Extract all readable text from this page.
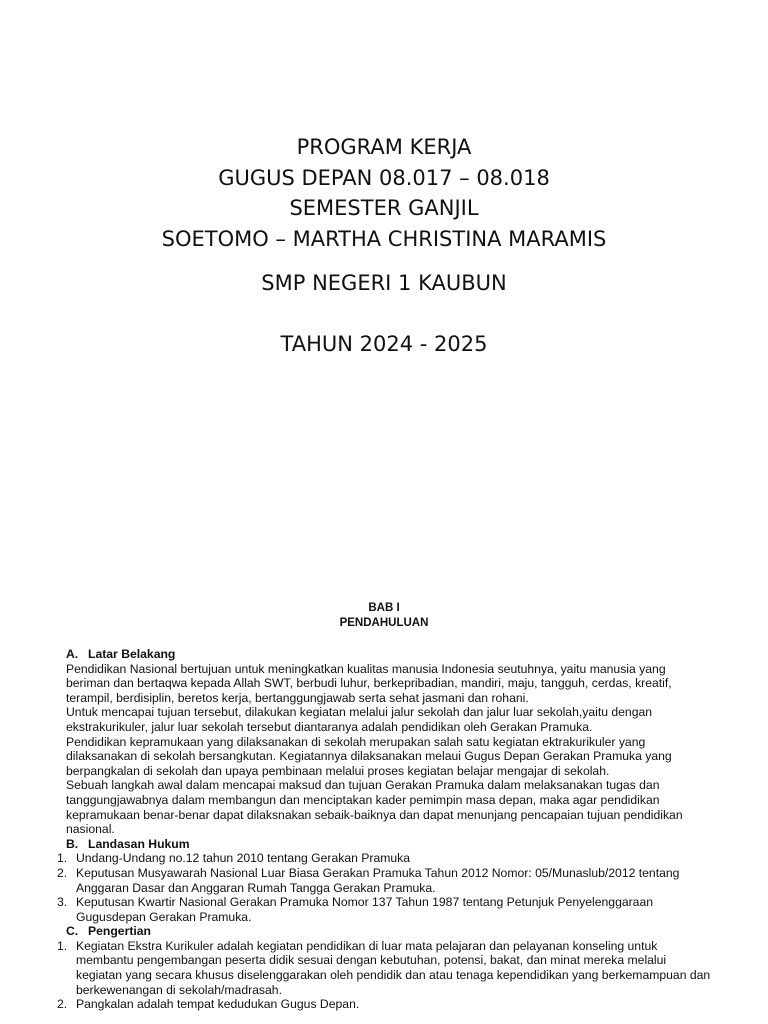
PROGRAM KERJA
GUGUS DEPAN 08.017 – 08.018
SEMESTER GANJIL
SOETOMO – MARTHA CHRISTINA MARAMIS
SMP NEGERI 1 KAUBUN
TAHUN 2024 - 2025
BAB I
PENDAHULUAN
A. Latar Belakang
Pendidikan Nasional bertujuan untuk meningkatkan kualitas manusia Indonesia seutuhnya, yaitu manusia yang beriman dan bertaqwa kepada Allah SWT, berbudi luhur, berkepribadian, mandiri, maju, tangguh, cerdas, kreatif, terampil, berdisiplin, beretos kerja, bertanggungjawab serta sehat jasmani dan rohani.
Untuk mencapai tujuan tersebut, dilakukan kegiatan melalui jalur sekolah dan jalur luar sekolah,yaitu dengan ekstrakurikuler, jalur luar sekolah tersebut diantaranya adalah pendidikan oleh Gerakan Pramuka.
Pendidikan kepramukaan yang dilaksanakan di sekolah merupakan salah satu kegiatan ektrakurikuler yang dilaksanakan di sekolah bersangkutan. Kegiatannya dilaksanakan melaui Gugus Depan Gerakan Pramuka yang berpangkalan di sekolah dan upaya pembinaan melalui proses kegiatan belajar mengajar di sekolah.
Sebuah langkah awal dalam mencapai maksud dan tujuan Gerakan Pramuka dalam melaksanakan tugas dan tanggungjawabnya dalam membangun dan menciptakan kader pemimpin masa depan, maka agar pendidikan kepramukaan benar-benar dapat dilaksnakan sebaik-baiknya dan dapat menunjang pencapaian tujuan pendidikan nasional.
B. Landasan Hukum
1. Undang-Undang no.12 tahun 2010 tentang Gerakan Pramuka
2. Keputusan Musyawarah Nasional Luar Biasa Gerakan Pramuka Tahun 2012 Nomor: 05/Munaslub/2012 tentang Anggaran Dasar dan Anggaran Rumah Tangga Gerakan Pramuka.
3. Keputusan Kwartir Nasional Gerakan Pramuka Nomor 137 Tahun 1987 tentang Petunjuk Penyelenggaraan Gugusdepan Gerakan Pramuka.
C. Pengertian
1. Kegiatan Ekstra Kurikuler adalah kegiatan pendidikan di luar mata pelajaran dan pelayanan konseling untuk membantu pengembangan peserta didik sesuai dengan kebutuhan, potensi, bakat, dan minat mereka melalui kegiatan yang secara khusus diselenggarakan oleh pendidik dan atau tenaga kependidikan yang berkemampuan dan berkewenangan di sekolah/madrasah.
2. Pangkalan adalah tempat kedudukan Gugus Depan.
